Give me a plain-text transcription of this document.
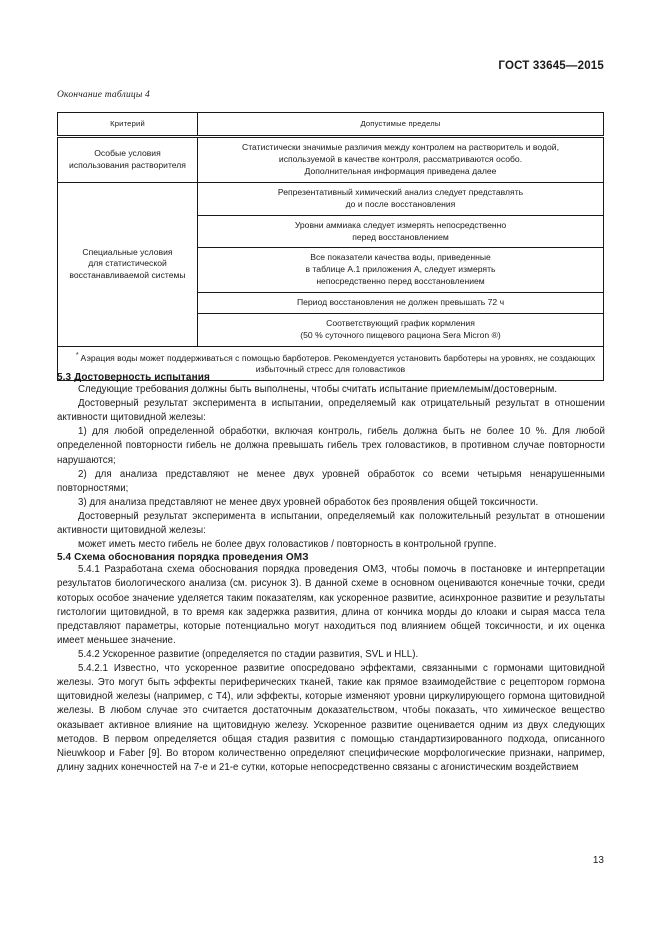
ГОСТ 33645—2015
Окончание таблицы 4
Критерий	Допустимые пределы
Особые условия
использования растворителя	Статистически значимые различия между контролем на растворитель и водой,
используемой в качестве контроля, рассматриваются особо.
Дополнительная информация приведена далее
Специальные условия
для статистической
восстанавливаемой системы	Репрезентативный химический анализ следует представлять
до и после восстановления
	Уровни аммиака следует измерять непосредственно
перед восстановлением
	Все показатели качества воды, приведенные
в таблице А.1 приложения А, следует измерять
непосредственно перед восстановлением
	Период восстановления не должен превышать 72 ч
	Соответствующий график кормления
(50 % суточного пищевого рациона Sera Micron ®)
* Аэрация воды может поддерживаться с помощью барботеров. Рекомендуется установить барботеры на уровнях, не создающих избыточный стресс для головастиков	
5.3 Достоверность испытания

Следующие требования должны быть выполнены, чтобы считать испытание приемлемым/достоверным.

Достоверный результат эксперимента в испытании, определяемый как отрицательный результат в отношении активности щитовидной железы:

1) для любой определенной обработки, включая контроль, гибель должна быть не более 10 %. Для любой определенной повторности гибель не должна превышать гибель трех головастиков, в противном случае повторности нарушаются;

2) для анализа представляют не менее двух уровней обработок со всеми четырьмя ненарушенными повторностями;

3) для анализа представляют не менее двух уровней обработок без проявления общей токсичности.

Достоверный результат эксперимента в испытании, определяемый как положительный результат в отношении активности щитовидной железы:

может иметь место гибель не более двух головастиков / повторность в контрольной группе.

5.4 Схема обоснования порядка проведения ОМЗ

5.4.1 Разработана схема обоснования порядка проведения ОМЗ, чтобы помочь в постановке и интерпретации результатов биологического анализа (см. рисунок 3). В данной схеме в основном оцениваются конечные точки, среди которых особое значение уделяется таким показателям, как ускоренное развитие, асинхронное развитие и результаты гистологии щитовидной, в то время как задержка развития, длина от кончика морды до клоаки и сырая масса тела представляют параметры, которые потенциально могут находиться под влиянием общей токсичности, и их оценка имеет меньшее значение.

5.4.2 Ускоренное развитие (определяется по стадии развития, SVL и HLL).

5.4.2.1 Известно, что ускоренное развитие опосредовано эффектами, связанными с гормонами щитовидной железы. Это могут быть эффекты периферических тканей, такие как прямое взаимодействие с рецептором гормона щитовидной железы (например, с Т4), или эффекты, которые изменяют уровни циркулирующего гормона щитовидной железы. В любом случае это считается достаточным доказательством, чтобы показать, что химическое вещество оказывает активное влияние на щитовидную железу. Ускоренное развитие оценивается одним из двух следующих методов. В первом определяется общая стадия развития с помощью стандартизированного подхода, описанного Nieuwkoop и Faber [9]. Во втором количественно определяют специфические морфологические признаки, например, длину задних конечностей на 7-е и 21-е сутки, которые непосредственно связаны с агонистическим воздействием

13
